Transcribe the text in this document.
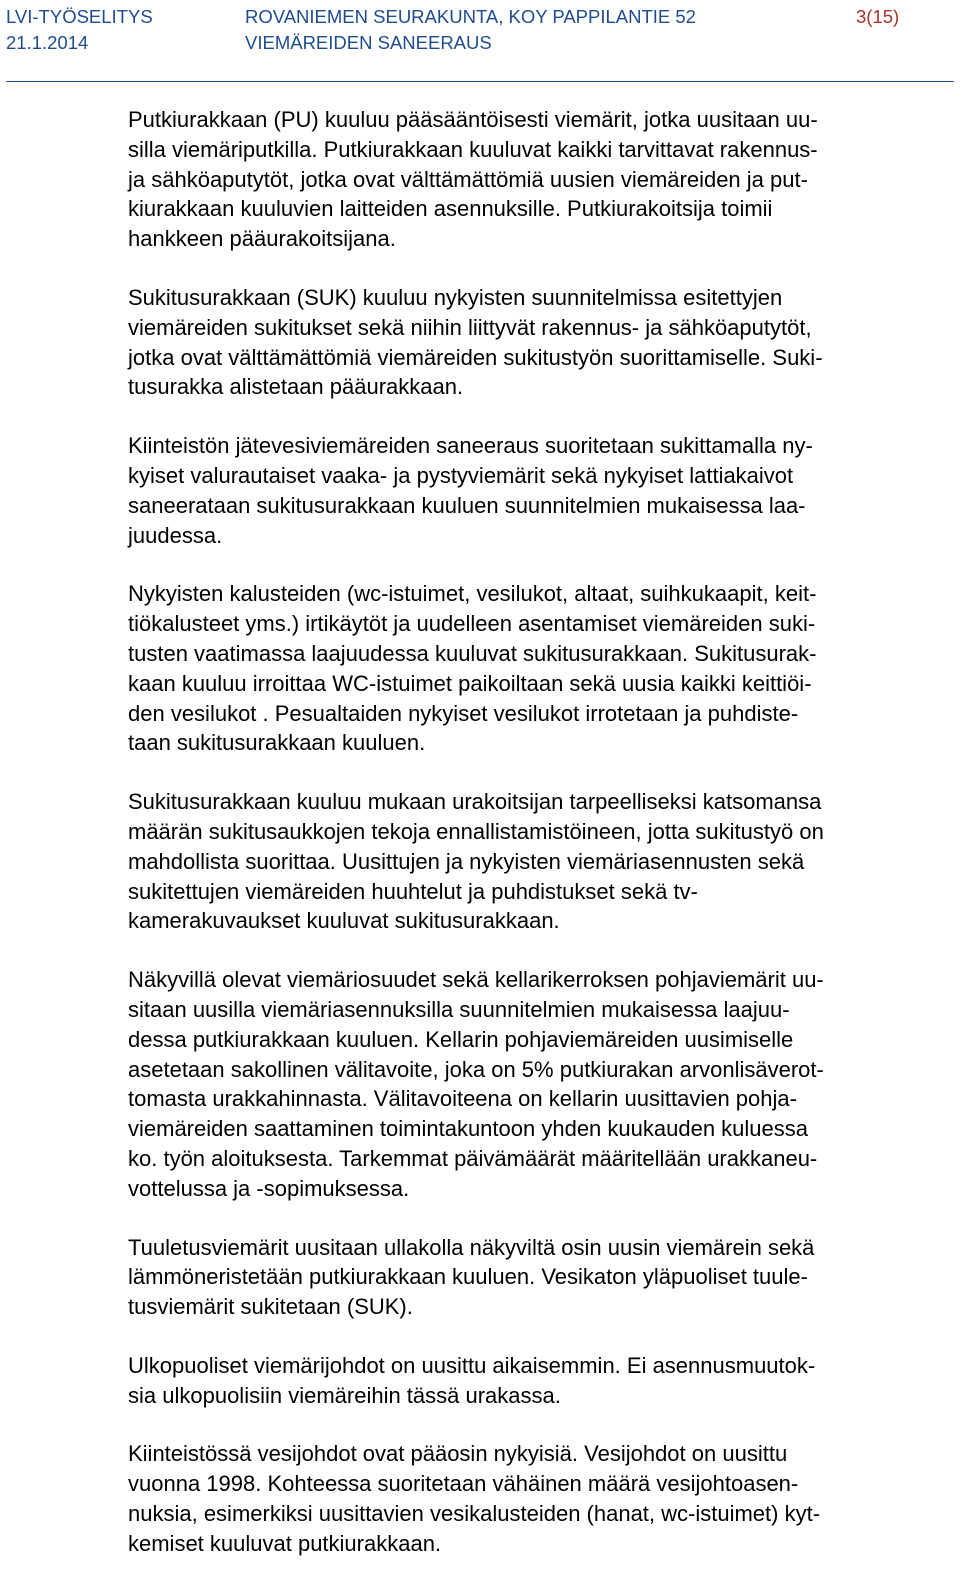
LVI-TYÖSELITYS
21.1.2014
ROVANIEMEN SEURAKUNTA, KOY PAPPILANTIE 52
VIEMÄREIDEN SANEERAUS
3(15)
Putkiurakkaan (PU) kuuluu pääsääntöisesti viemärit, jotka uusitaan uu-
silla viemäriputkilla. Putkiurakkaan kuuluvat kaikki tarvittavat rakennus-
ja sähköaputytöt, jotka ovat välttämättömiä uusien viemäreiden ja put-
kiurakkaan kuuluvien laitteiden asennuksille. Putkiurakoitsija toimii
hankkeen pääurakoitsijana.
Sukitusurakkaan (SUK) kuuluu nykyisten suunnitelmissa esitettyjen
viemäreiden sukitukset sekä niihin liittyvät rakennus- ja sähköaputytöt,
jotka ovat välttämättömiä viemäreiden sukitustyön suorittamiselle. Suki-
tusurakka alistetaan pääurakkaan.
Kiinteistön jätevesiviemäreiden saneeraus suoritetaan sukittamalla ny-
kyiset valurautaiset vaaka- ja pystyviemärit sekä nykyiset lattiakaivot
saneerataan sukitusurakkaan kuuluen suunnitelmien mukaisessa laa-
juudessa.
Nykyisten kalusteiden (wc-istuimet, vesilukot, altaat, suihkukaapit, keit-
tiökalusteet yms.) irtikäytöt ja uudelleen asentamiset viemäreiden suki-
tusten vaatimassa laajuudessa kuuluvat sukitusurakkaan. Sukitusurak-
kaan kuuluu irroittaa WC-istuimet paikoiltaan sekä uusia kaikki keittiöi-
den vesilukot . Pesualtaiden nykyiset vesilukot irrotetaan ja puhdiste-
taan sukitusurakkaan kuuluen.
Sukitusurakkaan kuuluu mukaan urakoitsijan tarpeelliseksi katsomansa
määrän sukitusaukkojen tekoja ennallistamistöineen, jotta sukitustyö on
mahdollista suorittaa. Uusittujen ja nykyisten viemäriasennusten sekä
sukitettujen viemäreiden huuhtelut ja puhdistukset sekä tv-
kamerakuvaukset kuuluvat sukitusurakkaan.
Näkyvillä olevat viemäriosuudet sekä kellarikerroksen pohjaviemärit uu-
sitaan uusilla viemäriasennuksilla suunnitelmien mukaisessa laajuu-
dessa putkiurakkaan kuuluen. Kellarin pohjaviemäreiden uusimiselle
asetetaan sakollinen välitavoite, joka on 5% putkiurakan arvonlisäverot-
tomasta urakkahinnasta. Välitavoiteena on kellarin uusittavien pohja-
viemäreiden saattaminen toimintakuntoon yhden kuukauden kuluessa
ko. työn aloituksesta. Tarkemmat päivämäärät määritellään urakkaneu-
vottelussa ja -sopimuksessa.
Tuuletusviemärit uusitaan ullakolla näkyviltä osin uusin viemärein sekä
lämmöneristetään putkiurakkaan kuuluen. Vesikaton yläpuoliset tuule-
tusviemärit sukitetaan (SUK).
Ulkopuoliset viemärijohdot on uusittu aikaisemmin. Ei asennusmuutok-
sia ulkopuolisiin viemäreihin tässä urakassa.
Kiinteistössä vesijohdot ovat pääosin nykyisiä. Vesijohdot on uusittu
vuonna 1998. Kohteessa suoritetaan vähäinen määrä vesijohtoasen-
nuksia, esimerkiksi uusittavien vesikalusteiden (hanat, wc-istuimet) kyt-
kemiset kuuluvat putkiurakkaan.
